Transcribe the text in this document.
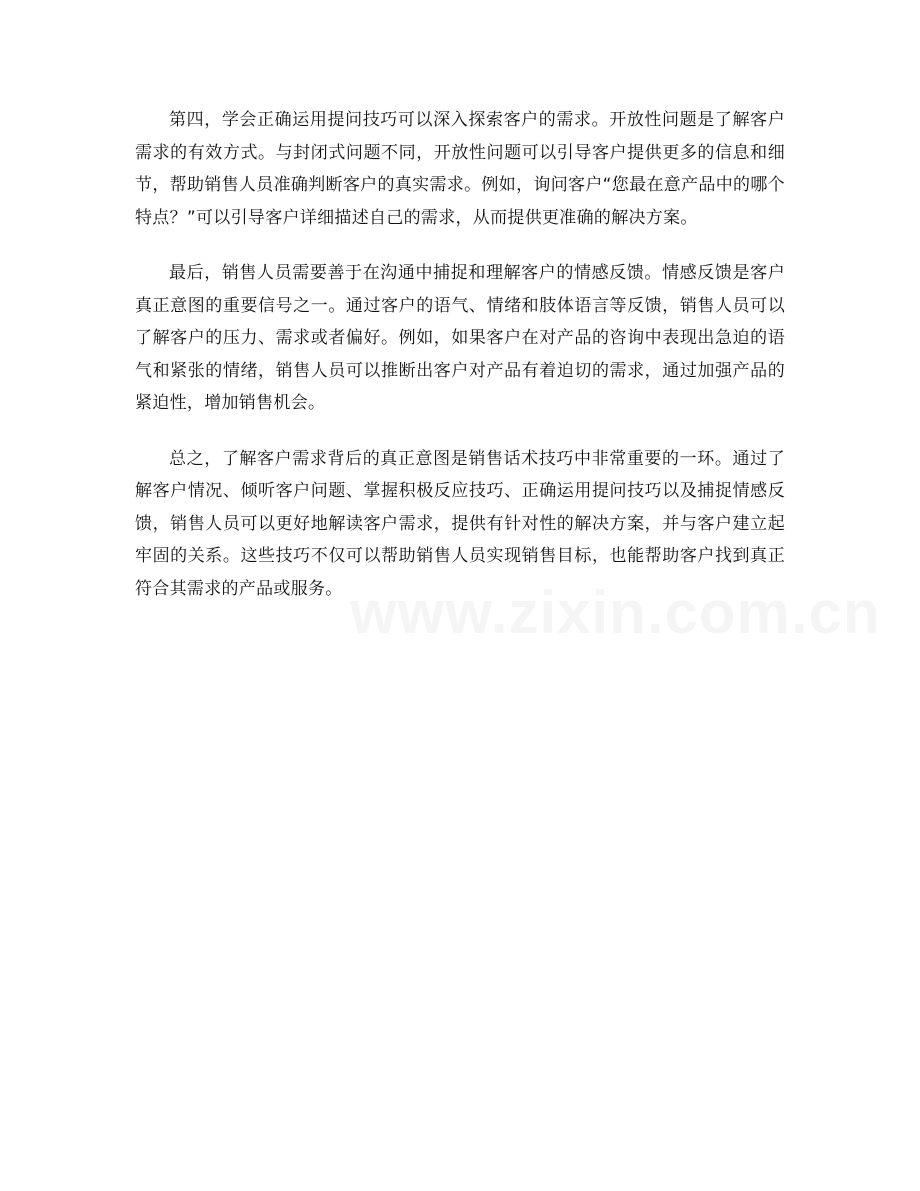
第四，学会正确运用提问技巧可以深入探索客户的需求。开放性问题是了解客户需求的有效方式。与封闭式问题不同，开放性问题可以引导客户提供更多的信息和细节，帮助销售人员准确判断客户的真实需求。例如，询问客户“您最在意产品中的哪个特点？”可以引导客户详细描述自己的需求，从而提供更准确的解决方案。

最后，销售人员需要善于在沟通中捕捉和理解客户的情感反馈。情感反馈是客户真正意图的重要信号之一。通过客户的语气、情绪和肢体语言等反馈，销售人员可以了解客户的压力、需求或者偏好。例如，如果客户在对产品的咨询中表现出急迫的语气和紧张的情绪，销售人员可以推断出客户对产品有着迫切的需求，通过加强产品的紧迫性，增加销售机会。

总之，了解客户需求背后的真正意图是销售话术技巧中非常重要的一环。通过了解客户情况、倾听客户问题、掌握积极反应技巧、正确运用提问技巧以及捕捉情感反馈，销售人员可以更好地解读客户需求，提供有针对性的解决方案，并与客户建立起牢固的关系。这些技巧不仅可以帮助销售人员实现销售目标，也能帮助客户找到真正符合其需求的产品或服务。
